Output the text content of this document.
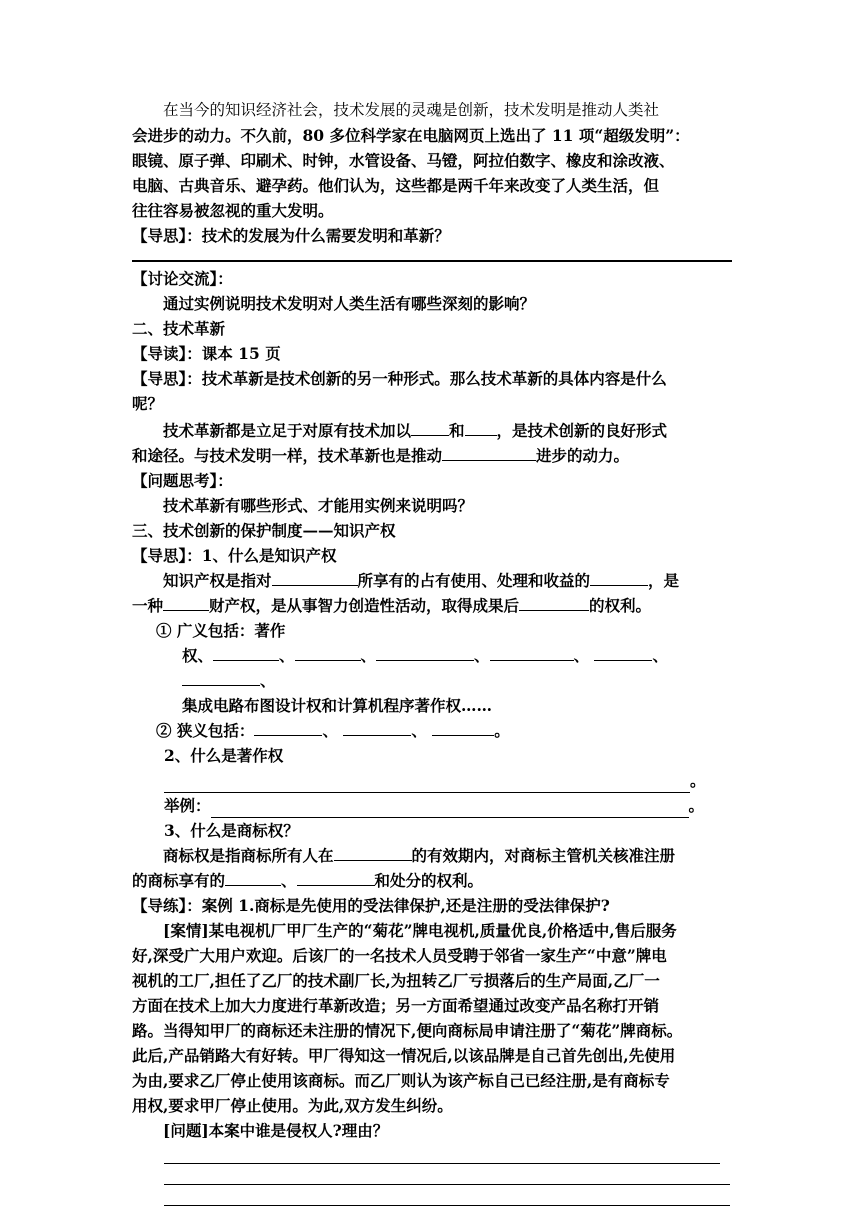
在当今的知识经济社会，技术发展的灵魂是创新，技术发明是推动人类社

会进步的动力。不久前，80 多位科学家在电脑网页上选出了 11 项“超级发明”：

眼镜、原子弹、印刷术、时钟，水管设备、马镫，阿拉伯数字、橡皮和涂改液、

电脑、古典音乐、避孕药。他们认为，这些都是两千年来改变了人类生活，但

往往容易被忽视的重大发明。

【导思】：技术的发展为什么需要发明和革新？

【讨论交流】：

通过实例说明技术发明对人类生活有哪些深刻的影响？

二、技术革新

【导读】：课本 15 页

【导思】：技术革新是技术创新的另一种形式。那么技术革新的具体内容是什么

呢？

技术革新都是立足于对原有技术加以 和 ，是技术创新的良好形式

和途径。与技术发明一样，技术革新也是推动	进步的动力。

【问题思考】：

技术革新有哪些形式、才能用实例来说明吗？

三、技术创新的保护制度——知识产权

【导思】：1、什么是知识产权

知识产权是指对	所享有的占有使用、处理和收益的	，是

一种	财产权，是从事智力创造性活动，取得成果后	的权利。

① 广义包括：著作

权、	、	、	、	、	、、

集成电路布图设计权和计算机程序著作权……

② 狭义包括：	、	、	。

2、什么是著作权

。

举例：	。

3、什么是商标权？

商标权是指商标所有人在	的有效期内，对商标主管机关核准注册

的商标享有的	、	和处分的权利。

【导练】：案例 1.商标是先使用的受法律保护,还是注册的受法律保护?

[案情]某电视机厂甲厂生产的“菊花”牌电视机,质量优良,价格适中,售后服务

好,深受广大用户欢迎。后该厂的一名技术人员受聘于邻省一家生产“中意”牌电

视机的工厂,担任了乙厂的技术副厂长,为扭转乙厂亏损落后的生产局面,乙厂一

方面在技术上加大力度进行革新改造；另一方面希望通过改变产品名称打开销

路。当得知甲厂的商标还未注册的情况下,便向商标局申请注册了“菊花”牌商标。

此后,产品销路大有好转。甲厂得知这一情况后,以该品牌是自己首先创出,先使用

为由,要求乙厂停止使用该商标。而乙厂则认为该产标自己已经注册,是有商标专

用权,要求甲厂停止使用。为此,双方发生纠纷。

[问题]本案中谁是侵权人?理由？
